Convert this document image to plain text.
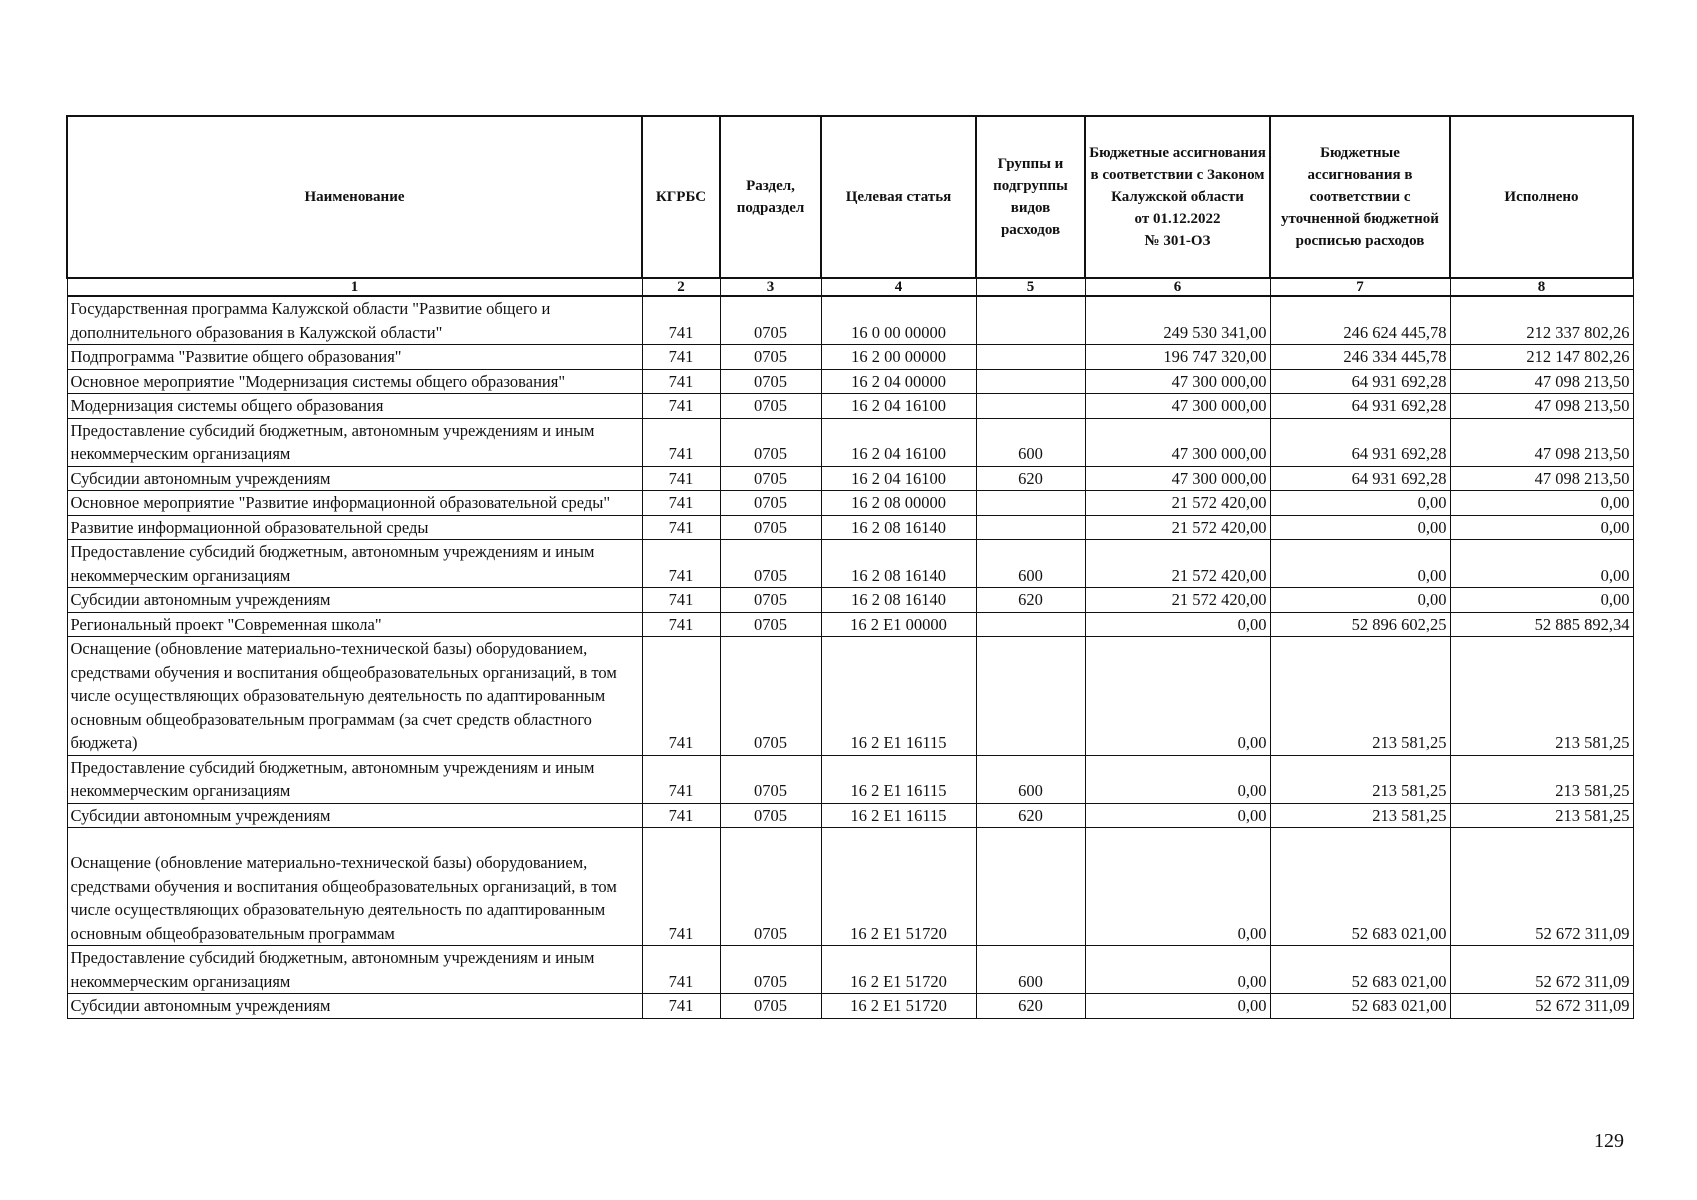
Наименование	КГРБС	Раздел, подраздел	Целевая статья	Группы и подгруппы видов расходов	Бюджетные ассигнования в соответствии с Законом Калужской области
от 01.12.2022
№ 301-ОЗ	Бюджетные ассигнования в соответствии с уточненной бюджетной росписью расходов	Исполнено
1	2	3	4	5	6	7	8
Государственная программа Калужской области "Развитие общего и дополнительного образования в Калужской области"	741	0705	16 0 00 00000		249 530 341,00	246 624 445,78	212 337 802,26
Подпрограмма "Развитие общего образования"	741	0705	16 2 00 00000		196 747 320,00	246 334 445,78	212 147 802,26
Основное мероприятие "Модернизация системы общего образования"	741	0705	16 2 04 00000		47 300 000,00	64 931 692,28	47 098 213,50
Модернизация системы общего образования	741	0705	16 2 04 16100		47 300 000,00	64 931 692,28	47 098 213,50
Предоставление субсидий бюджетным, автономным учреждениям и иным некоммерческим организациям	741	0705	16 2 04 16100	600	47 300 000,00	64 931 692,28	47 098 213,50
Субсидии автономным учреждениям	741	0705	16 2 04 16100	620	47 300 000,00	64 931 692,28	47 098 213,50
Основное мероприятие "Развитие информационной образовательной среды"	741	0705	16 2 08 00000		21 572 420,00	0,00	0,00
Развитие информационной образовательной среды	741	0705	16 2 08 16140		21 572 420,00	0,00	0,00
Предоставление субсидий бюджетным, автономным учреждениям и иным некоммерческим организациям	741	0705	16 2 08 16140	600	21 572 420,00	0,00	0,00
Субсидии автономным учреждениям	741	0705	16 2 08 16140	620	21 572 420,00	0,00	0,00
Региональный проект "Современная школа"	741	0705	16 2 E1 00000		0,00	52 896 602,25	52 885 892,34
Оснащение (обновление материально-технической базы) оборудованием, средствами обучения и воспитания общеобразовательных организаций, в том числе осуществляющих образовательную деятельность по адаптированным основным общеобразовательным программам (за счет средств областного бюджета)	741	0705	16 2 E1 16115		0,00	213 581,25	213 581,25
Предоставление субсидий бюджетным, автономным учреждениям и иным некоммерческим организациям	741	0705	16 2 E1 16115	600	0,00	213 581,25	213 581,25
Субсидии автономным учреждениям	741	0705	16 2 E1 16115	620	0,00	213 581,25	213 581,25
Оснащение (обновление материально-технической базы) оборудованием, средствами обучения и воспитания общеобразовательных организаций, в том числе осуществляющих образовательную деятельность по адаптированным основным общеобразовательным программам	741	0705	16 2 E1 51720		0,00	52 683 021,00	52 672 311,09
Предоставление субсидий бюджетным, автономным учреждениям и иным некоммерческим организациям	741	0705	16 2 E1 51720	600	0,00	52 683 021,00	52 672 311,09
Субсидии автономным учреждениям	741	0705	16 2 E1 51720	620	0,00	52 683 021,00	52 672 311,09
129
